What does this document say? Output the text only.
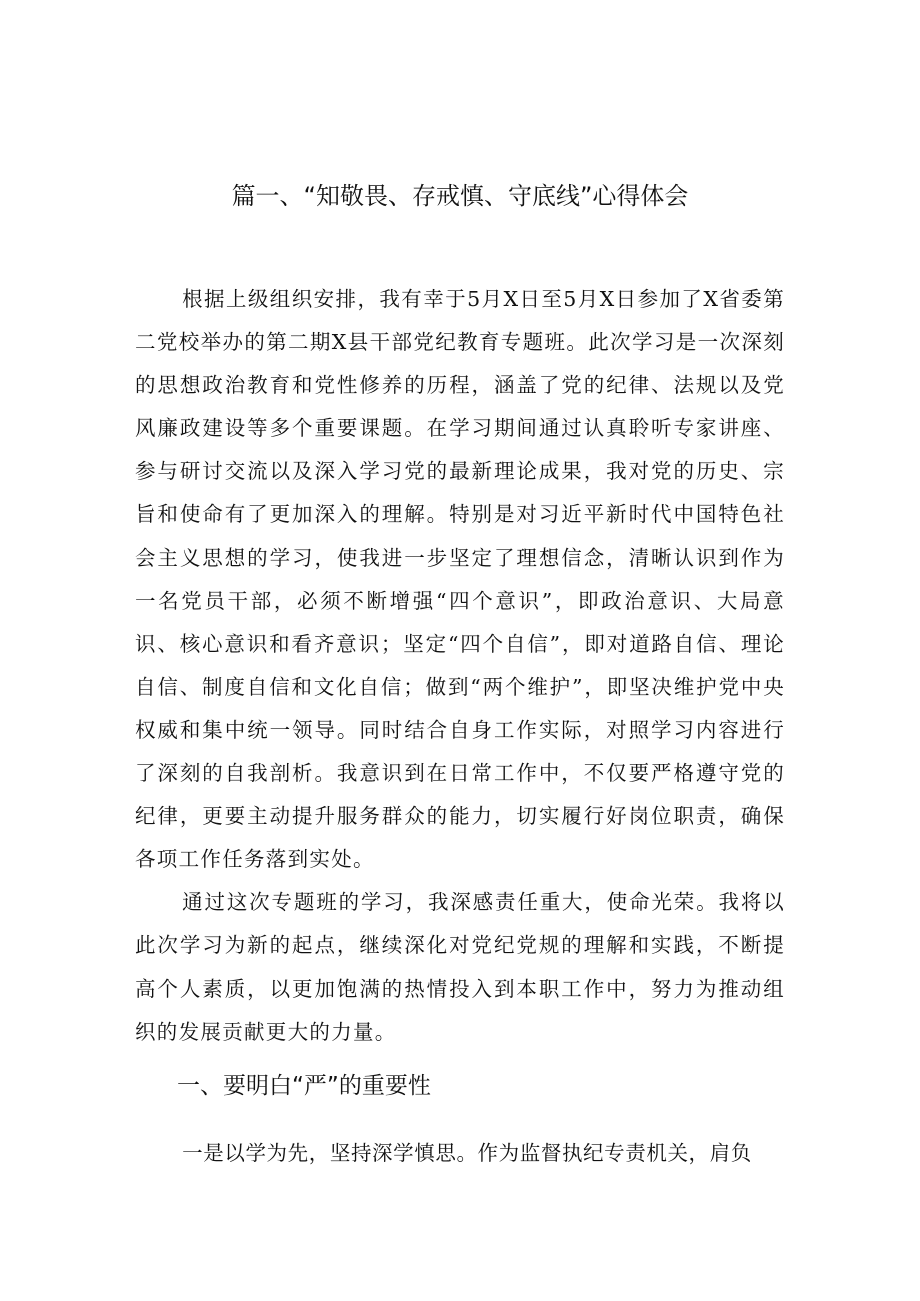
篇一、“知敬畏、存戒慎、守底线”心得体会

根据上级组织安排，我有幸于5月X日至5月X日参加了X省委第二党校举办的第二期X县干部党纪教育专题班。此次学习是一次深刻的思想政治教育和党性修养的历程，涵盖了党的纪律、法规以及党风廉政建设等多个重要课题。在学习期间通过认真聆听专家讲座、参与研讨交流以及深入学习党的最新理论成果，我对党的历史、宗旨和使命有了更加深入的理解。特别是对习近平新时代中国特色社会主义思想的学习，使我进一步坚定了理想信念，清晰认识到作为一名党员干部，必须不断增强“四个意识”，即政治意识、大局意识、核心意识和看齐意识；坚定“四个自信”，即对道路自信、理论自信、制度自信和文化自信；做到“两个维护”，即坚决维护党中央权威和集中统一领导。同时结合自身工作实际，对照学习内容进行了深刻的自我剖析。我意识到在日常工作中，不仅要严格遵守党的纪律，更要主动提升服务群众的能力，切实履行好岗位职责，确保各项工作任务落到实处。

通过这次专题班的学习，我深感责任重大，使命光荣。我将以此次学习为新的起点，继续深化对党纪党规的理解和实践，不断提高个人素质，以更加饱满的热情投入到本职工作中，努力为推动组织的发展贡献更大的力量。

一、要明白“严”的重要性

一是以学为先，坚持深学慎思。作为监督执纪专责机关，肩负
